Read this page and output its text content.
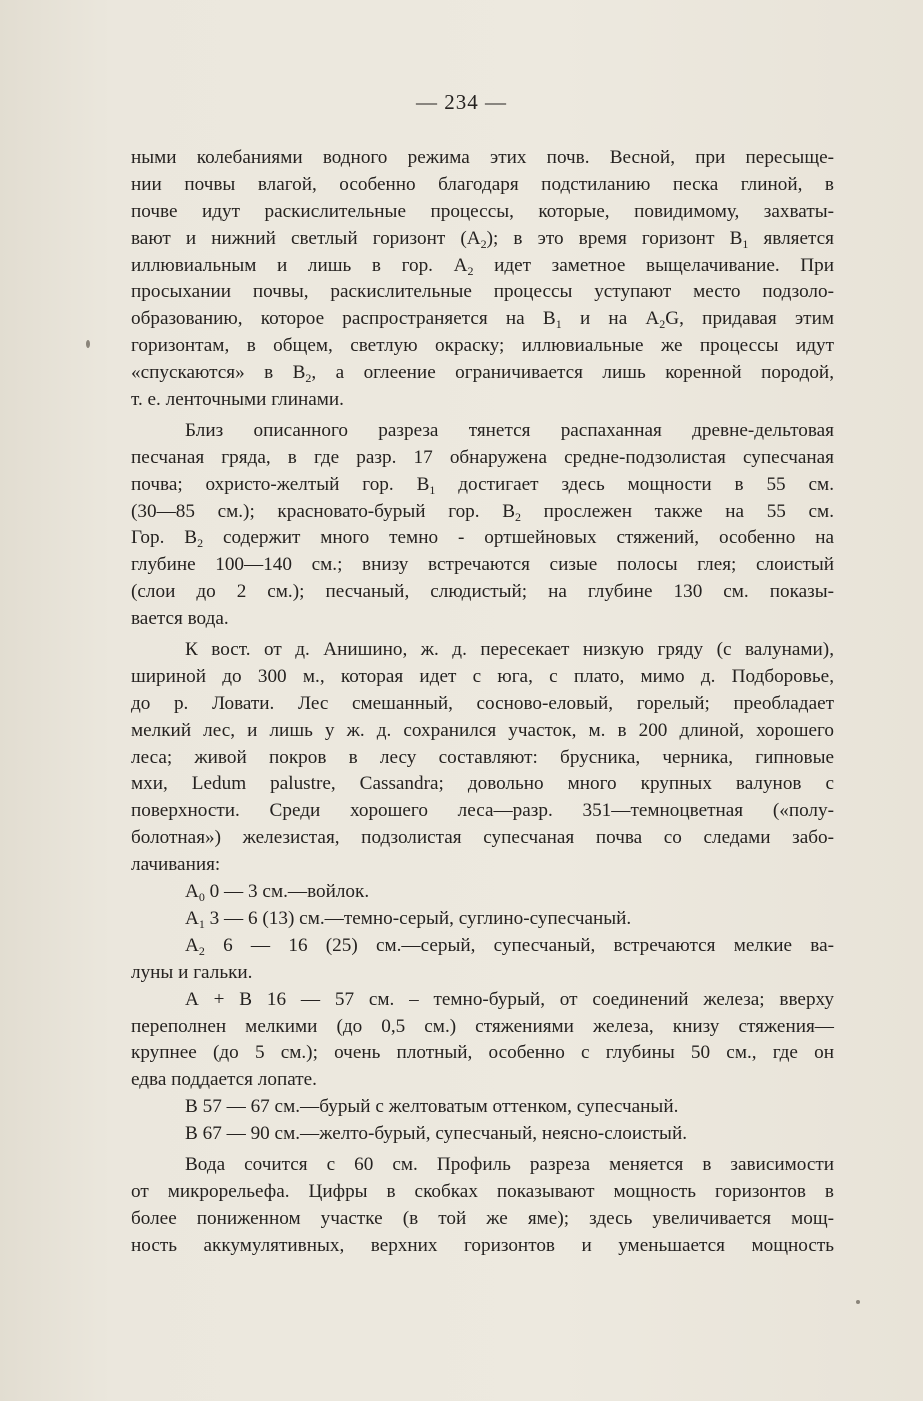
— 234 —
ными колебаниями водного режима этих почв. Весной, при пересыще-
нии почвы влагой, особенно благодаря подстиланию песка глиной, в
почве идут раскислительные процессы, которые, повидимому, захваты-
вают и нижний светлый горизонт $(А_2)$; в это время горизонт $В_1$ является
иллювиальным и лишь в гор. $А_2$ идет заметное выщелачивание. При
просыхании почвы, раскислительные процессы уступают место подзоло-
образованию, которое распространяется на $В_1$ и на $А_2G$, придавая этим
горизонтам, в общем, светлую окраску; иллювиальные же процессы идут
«спускаются» в $В_2$, а оглеение ограничивается лишь коренной породой,
т. е. ленточными глинами.
Близ описанного разреза тянется распаханная древне-дельтовая
песчаная гряда, в где разр. 17 обнаружена средне-подзолистая супесчаная
почва; охристо-желтый гор. $В_1$ достигает здесь мощности в 55 см.
(30—85 см.); красновато-бурый гор. $В_2$ прослежен также на 55 см.
Гор. $В_2$ содержит много темно - ортшейновых стяжений, особенно на
глубине 100—140 см.; внизу встречаются сизые полосы глея; слоистый
(слои до 2 см.); песчаный, слюдистый; на глубине 130 см. показы-
вается вода.
К вост. от д. Анишино, ж. д. пересекает низкую гряду (с валунами),
шириной до 300 м., которая идет с юга, с плато, мимо д. Подборовье,
до р. Ловати. Лес смешанный, сосново-еловый, горелый; преобладает
мелкий лес, и лишь у ж. д. сохранился участок, м. в 200 длиной, хорошего
леса; живой покров в лесу составляют: брусника, черника, гипновые
мхи, Ledum palustre, Cassandra; довольно много крупных валунов с
поверхности. Среди хорошего леса—разр. 351—темноцветная («полу-
болотная») железистая, подзолистая супесчаная почва со следами забо-
лачивания:
$А_0$ 0 — 3 см.—войлок.
$А_1$ 3 — 6 (13) см.—темно-серый, суглино-супесчаный.
$А_2$ 6 — 16 (25) см.—серый, супесчаный, встречаются мелкие ва-
луны и гальки.
А + В 16 — 57 см. – темно-бурый, от соединений железа; вверху
переполнен мелкими (до 0,5 см.) стяжениями железа, книзу стяжения—
крупнее (до 5 см.); очень плотный, особенно с глубины 50 см., где он
едва поддается лопате.
В 57 — 67 см.—бурый с желтоватым оттенком, супесчаный.
В 67 — 90 см.—желто-бурый, супесчаный, неясно-слоистый.
Вода сочится с 60 см. Профиль разреза меняется в зависимости
от микрорельефа. Цифры в скобках показывают мощность горизонтов в
более пониженном участке (в той же яме); здесь увеличивается мощ-
ность аккумулятивных, верхних горизонтов и уменьшается мощность
